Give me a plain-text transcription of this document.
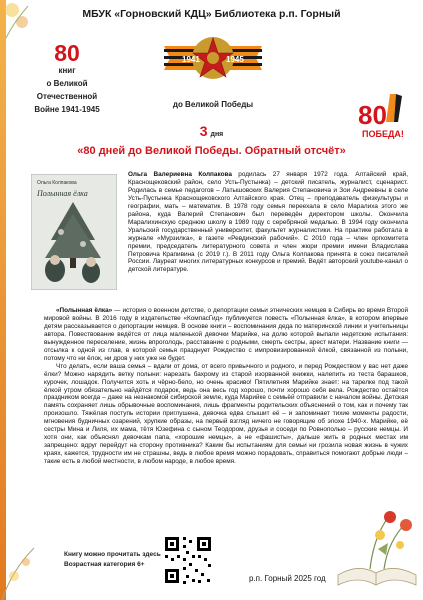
МБУК «Горновский КДЦ» Библиотека р.п. Горный
80
книг
о Великой
Отечественной
Войне 1941-1945
1941	1945
до Великой Победы	80
ПОБЕДА!
3 дня
«80 дней до Великой Победы. Обратный отсчёт»
Ольга Колпакова
Полынная ёлка
Ольга Валериевна Колпакова родилась 27 января 1972 года. Алтайский край, Краснощековский район, село Усть-Пустынка) – детский писатель, журналист, сценарист. Родилась в семье педагогов – Латышовских Валерия Степановича и Зои Андреевны в селе Усть-Пустынка Краснощековского Алтайского края. Отец – преподаватель физкультуры и географии, мать – математик. В 1978 году семья переехала в село Маралиха этого же района, куда Валерий Степанович был переведён директором школы. Окончила Маралихинскую среднюю школу в 1989 году с серебряной медалью. В 1994 году окончила Уральский государственный университет, факультет журналистики. На практике работала в журнале «Мурзилка», в газете «Ревдинский рабочий». С 2010 года – член оргкомитета премии, председатель литературного совета и член жюри премии имени Владислава Петровича Крапивина (с 2019 г.). В 2011 году Ольга Колпакова принята в союз писателей России. Лауреат многих литературных конкурсов и премий. Ведёт авторский youtube-канал о детской литературе.

«Полынная ёлка» — история о военном детстве, о депортации семьи этнических немцев в Сибирь во время Второй мировой войны. В 2016 году в издательстве «КомпасГид» публикуется повесть «Полынная ёлка», в котором впервые детям рассказывается о депортации немцев. В основе книги – воспоминания деда по материнской линии и учительницы автора. Повествование ведётся от лица маленькой девочки Марийке, на долю которой выпали недетские испытания: вынужденное переселение, жизнь впроголодь, расставание с родными, смерть сестры, арест матери. Название книги — отсылка к одной из глав, в которой семья празднует Рождество с импровизированной ёлкой, связанной из полыни, потому что ни ёлок, ни дров у них уже не будет.

Что делать, если ваша семья – вдали от дома, от всего привычного и родного, и перед Рождеством у вас нет даже ёлки? Можно нарядить ветку полыни: нарезать бахрому из старой изорванной книжки, налепить из теста барашков, курочек, лошадок. Получится хоть и чёрно-бело, но очень красиво! Пятилетняя Марийке знает: на тарелке под такой ёлкой утром обязательно найдётся подарок, ведь она весь год хорошо, почти хорошо себя вела. Рождество остаётся праздником всегда – даже на незнакомой сибирской земле, куда Марийке с семьёй отправили с началом войны. Детская память сохраняет лишь обрывочные воспоминания, лишь фрагменты родительских объяснений о том, как и почему так произошло. Тяжёлая поступь истории приглушена, девочка едва слышит её – и запоминает тихие моменты радости, мгновения будничных озарений, хрупкие образы, на первый взгляд ничего не говорящие об эпохе 1940-х. Марийке, её сестры Мина и Лиля, их мама, тётя Юзефина с сыном Теодором, друзья и соседи по Ровнополью – русские немцы. И хотя они, как объяснял девочкам папа, «хорошие немцы», а не «фашисты», дальше жить в родных местах им запрещено: вдруг перейдут на сторону противника? Каким бы испытаниям для семьи ни грозила новая жизнь в чужих краях, кажется, трудности им не страшны, ведь в любое время можно порадовать, справиться помогают добрые люди – такие есть в любой местности, в любом народе, в любое время.

Книгу можно прочитать здесь
Возрастная категория 6+
р.п. Горный 2025 год
